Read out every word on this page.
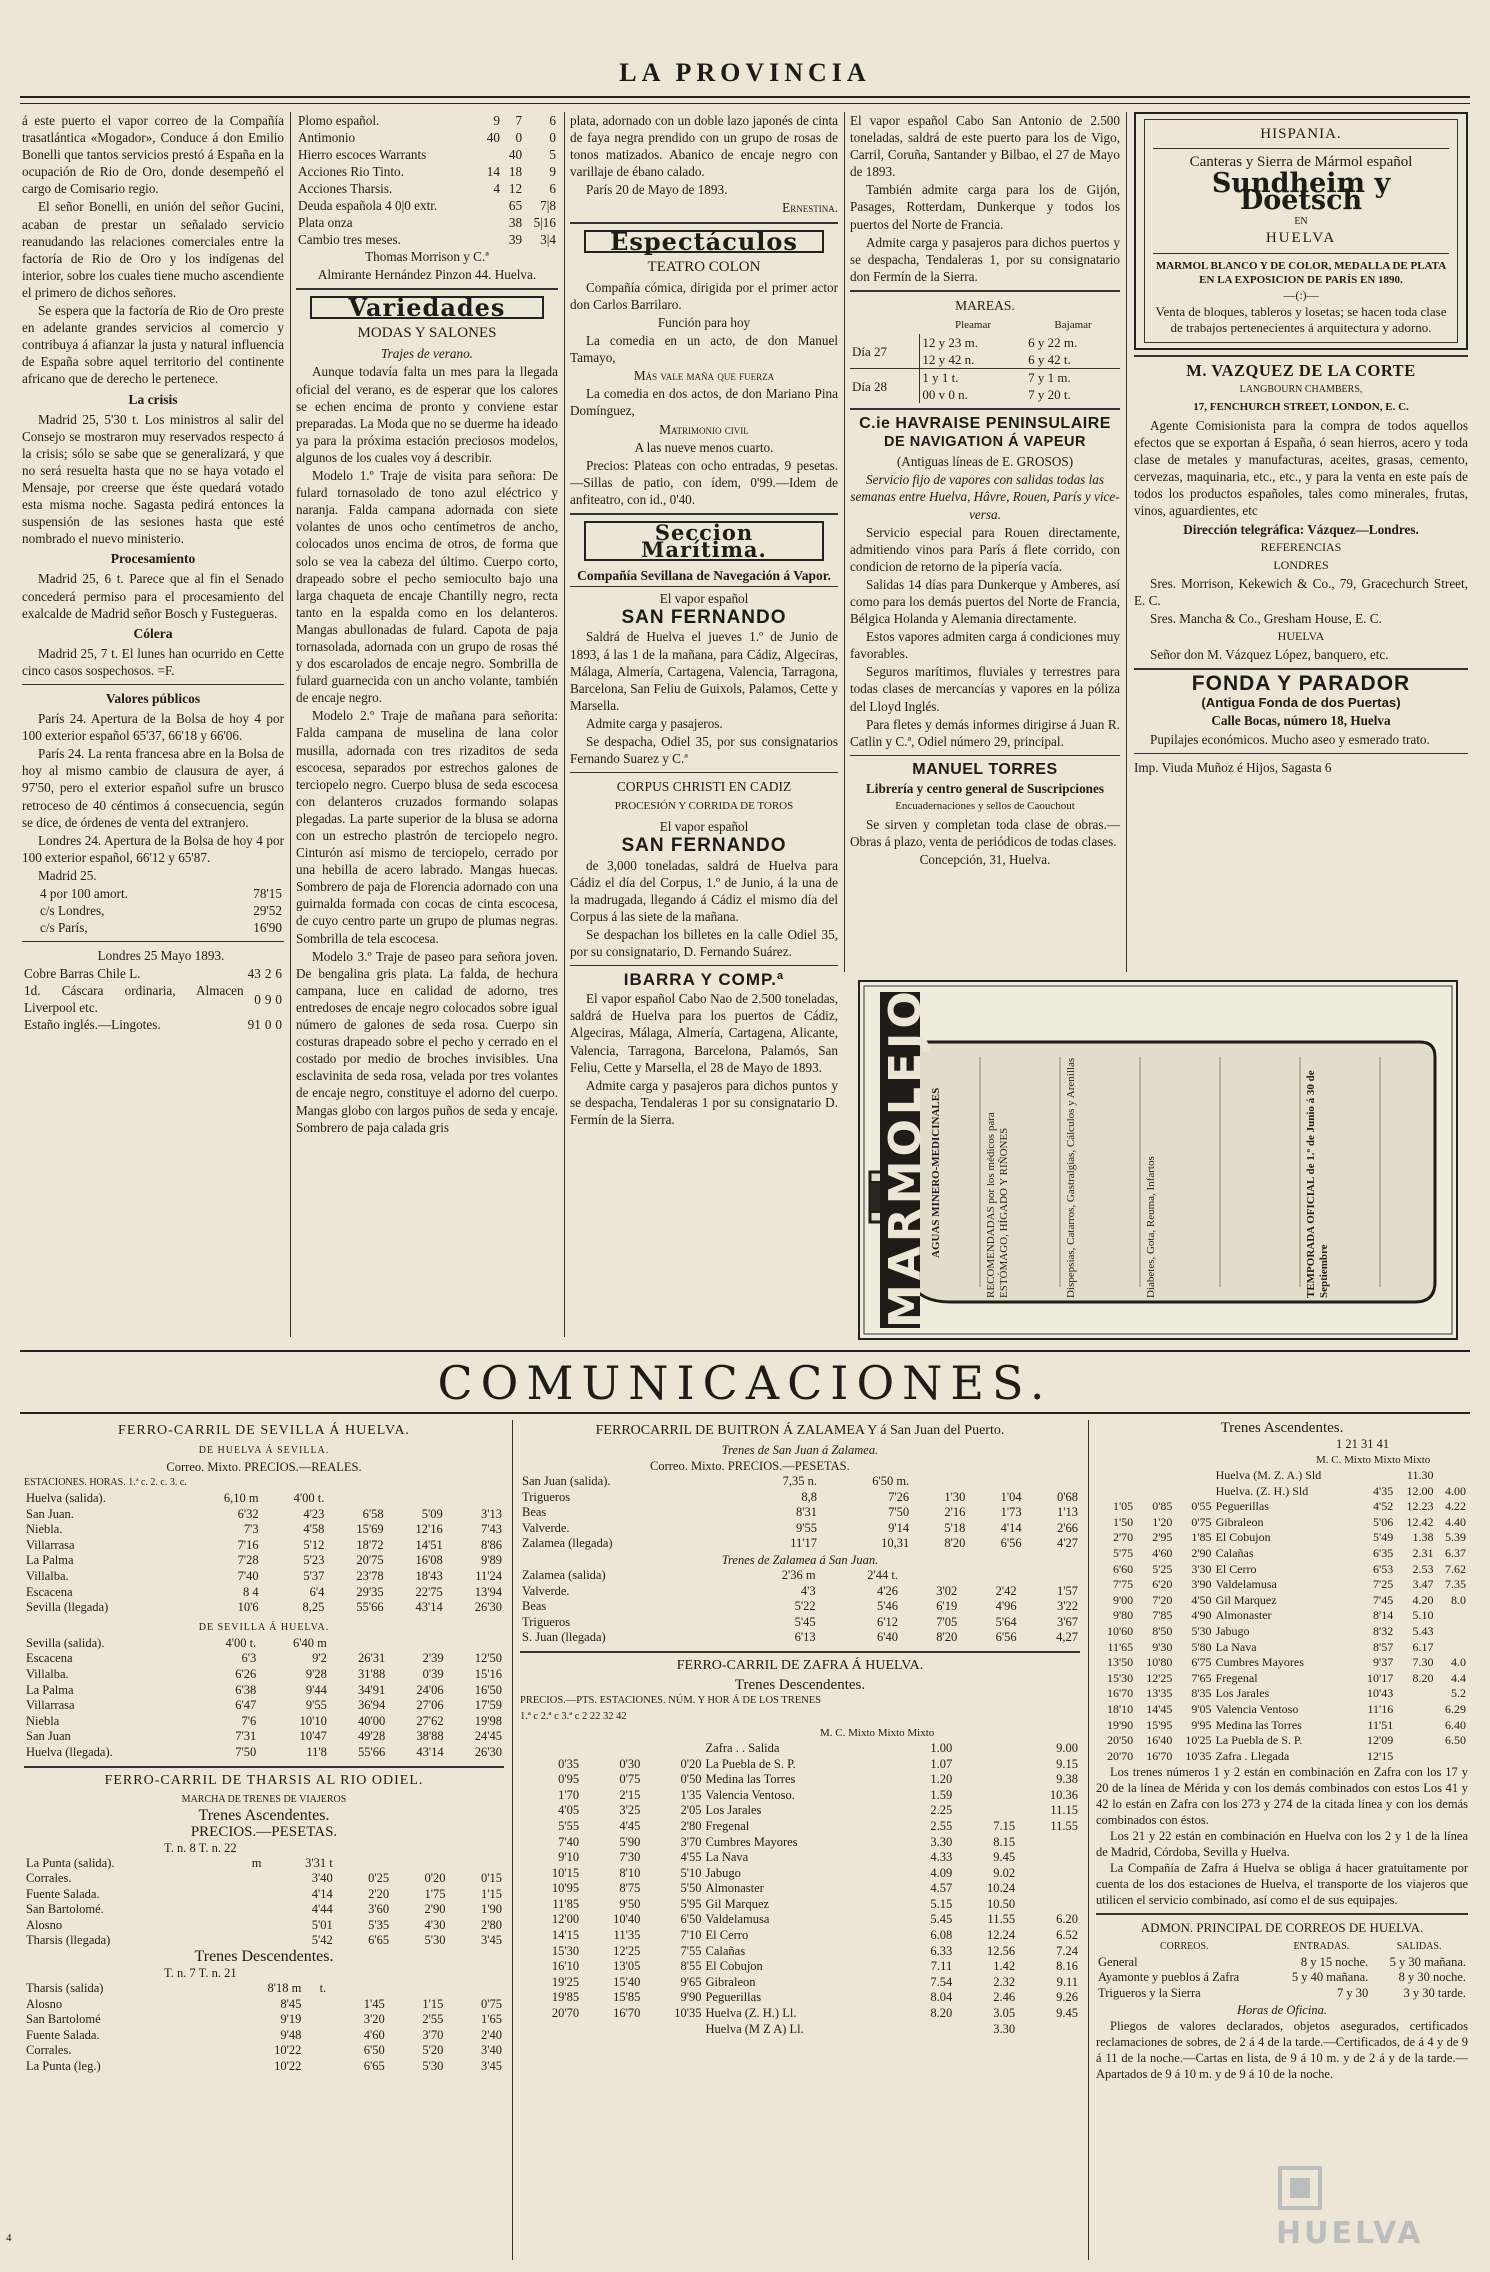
LA PROVINCIA

á este puerto el vapor correo de la Compañía trasatlántica «Mogador», Conduce á don Emilio Bonelli que tantos servicios prestó á España en la ocupación de Rio de Oro, donde desempeñó el cargo de Comisario regio.

El señor Bonelli, en unión del señor Gucini, acaban de prestar un señalado servicio reanudando las relaciones comerciales entre la factoría de Rio de Oro y los indígenas del interior, sobre los cuales tiene mucho ascendiente el primero de dichos señores.

Se espera que la factoría de Rio de Oro preste en adelante grandes servicios al comercio y contribuya á afianzar la justa y natural influencia de España sobre aquel territorio del continente africano que de derecho le pertenece.

La crisis

Madrid 25, 5'30 t. Los ministros al salir del Consejo se mostraron muy reservados respecto á la crisis; sólo se sabe que se generalizará, y que no será resuelta hasta que no se haya votado el Mensaje, por creerse que éste quedará votado esta misma noche. Sagasta pedirá entonces la suspensión de las sesiones hasta que esté nombrado el nuevo ministerio.

Procesamiento

Madrid 25, 6 t. Parece que al fin el Senado concederá permiso para el procesamiento del exalcalde de Madrid señor Bosch y Fustegueras.

Cólera

Madrid 25, 7 t. El lunes han ocurrido en Cette cinco casos sospechosos. =F.

Valores públicos

París 24. Apertura de la Bolsa de hoy 4 por 100 exterior español 65'37, 66'18 y 66'06.

París 24. La renta francesa abre en la Bolsa de hoy al mismo cambio de clausura de ayer, á 97'50, pero el exterior español sufre un brusco retroceso de 40 céntimos á consecuencia, según se dice, de órdenes de venta del extranjero.

Londres 24. Apertura de la Bolsa de hoy 4 por 100 exterior español, 66'12 y 65'87.

Madrid 25.

4 por 100 amort.	78'15
c/s Londres,	29'52
c/s París,	16'90

Londres 25 Mayo 1893.

Cobre Barras Chile L.	43	2	6
1d. Cáscara ordinaria, Almacen Liverpool etc.	0	9	0
Estaño inglés.—Lingotes.	91	0	0
Plomo español.	9	7	6
Antimonio	40	0	0
Hierro escoces Warrants		40	5
Acciones Rio Tinto.	14	18	9
Acciones Tharsis.	4	12	6
Deuda española 4 0|0 extr.		65	7|8
Plata onza		38	5|16
Cambio tres meses.		39	3|4

Thomas Morrison y C.ª

Almirante Hernández Pinzon 44. Huelva.

Variedades
MODAS Y SALONES

Trajes de verano.

Aunque todavía falta un mes para la llegada oficial del verano, es de esperar que los calores se echen encima de pronto y conviene estar preparadas. La Moda que no se duerme ha ideado ya para la próxima estación preciosos modelos, algunos de los cuales voy á describir.

Modelo 1.º Traje de visita para señora: De fulard tornasolado de tono azul eléctrico y naranja. Falda campana adornada con siete volantes de unos ocho centímetros de ancho, colocados unos encima de otros, de forma que solo se vea la cabeza del último. Cuerpo corto, drapeado sobre el pecho semioculto bajo una larga chaqueta de encaje Chantilly negro, recta tanto en la espalda como en los delanteros. Mangas abullonadas de fulard. Capota de paja tornasolada, adornada con un grupo de rosas thé y dos escarolados de encaje negro. Sombrilla de fulard guarnecida con un ancho volante, también de encaje negro.

Modelo 2.º Traje de mañana para señorita: Falda campana de muselina de lana color musilla, adornada con tres rizaditos de seda escocesa, separados por estrechos galones de terciopelo negro. Cuerpo blusa de seda escocesa con delanteros cruzados formando solapas plegadas. La parte superior de la blusa se adorna con un estrecho plastrón de terciopelo negro. Cinturón así mismo de terciopelo, cerrado por una hebilla de acero labrado. Mangas huecas. Sombrero de paja de Florencia adornado con una guirnalda formada con cocas de cinta escocesa, de cuyo centro parte un grupo de plumas negras. Sombrilla de tela escocesa.

Modelo 3.º Traje de paseo para señora joven. De bengalina gris plata. La falda, de hechura campana, luce en calidad de adorno, tres entredoses de encaje negro colocados sobre igual número de galones de seda rosa. Cuerpo sin costuras drapeado sobre el pecho y cerrado en el costado por medio de broches invisibles. Una esclavinita de seda rosa, velada por tres volantes de encaje negro, constituye el adorno del cuerpo. Mangas globo con largos puños de seda y encaje. Sombrero de paja calada gris

plata, adornado con un doble lazo japonés de cinta de faya negra prendido con un grupo de rosas de tonos matizados. Abanico de encaje negro con varillaje de ébano calado.

París 20 de Mayo de 1893.

Ernestina.

Espectáculos
TEATRO COLON

Compañía cómica, dirigida por el primer actor don Carlos Barrilaro.

Función para hoy

La comedia en un acto, de don Manuel Tamayo,

Más vale maña que fuerza

La comedia en dos actos, de don Mariano Pina Domínguez,

Matrimonio civil

A las nueve menos cuarto.

Precios: Plateas con ocho entradas, 9 pesetas.—Sillas de patio, con ídem, 0'99.—Idem de anfiteatro, con id., 0'40.

Seccion Marítima.
Compañía Sevillana de Navegación á Vapor.

El vapor español

SAN FERNANDO

Saldrá de Huelva el jueves 1.º de Junio de 1893, á las 1 de la mañana, para Cádiz, Algeciras, Málaga, Almería, Cartagena, Valencia, Tarragona, Barcelona, San Feliu de Guixols, Palamos, Cette y Marsella.

Admite carga y pasajeros.

Se despacha, Odiel 35, por sus consignatarios Fernando Suarez y C.ª

CORPUS CHRISTI EN CADIZ
PROCESIÓN Y CORRIDA DE TOROS

El vapor español

SAN FERNANDO

de 3,000 toneladas, saldrá de Huelva para Cádiz el día del Corpus, 1.º de Junio, á la una de la madrugada, llegando á Cádiz el mismo día del Corpus á las siete de la mañana.

Se despachan los billetes en la calle Odiel 35, por su consignatario, D. Fernando Suárez.

IBARRA Y COMP.ª

El vapor español Cabo Nao de 2.500 toneladas, saldrá de Huelva para los puertos de Cádiz, Algeciras, Málaga, Almería, Cartagena, Alicante, Valencia, Tarragona, Barcelona, Palamós, San Feliu, Cette y Marsella, el 28 de Mayo de 1893.

Admite carga y pasajeros para dichos puntos y se despacha, Tendaleras 1 por su consignatario D. Fermín de la Sierra.

El vapor español Cabo San Antonio de 2.500 toneladas, saldrá de este puerto para los de Vigo, Carril, Coruña, Santander y Bilbao, el 27 de Mayo de 1893.

También admite carga para los de Gijón, Pasages, Rotterdam, Dunkerque y todos los puertos del Norte de Francia.

Admite carga y pasajeros para dichos puertos y se despacha, Tendaleras 1, por su consignatario don Fermín de la Sierra.

MAREAS.
	Pleamar	Bajamar
Día 27	12 y 23 m.	6 y 22 m.
	12 y 42 n.	6 y 42 t.
Día 28	1 y 1 t.	7 y 1 m.
	00 v 0 n.	7 y 20 t.
C.ie HAVRAISE PENINSULAIRE
DE NAVIGATION Á VAPEUR

(Antiguas líneas de E. GROSOS)

Servicio fijo de vapores con salidas todas las semanas entre Huelva, Hâvre, Rouen, París y vice-versa.

Servicio especial para Rouen directamente, admitiendo vinos para París á flete corrido, con condicion de retorno de la pipería vacía.

Salidas 14 días para Dunkerque y Amberes, así como para los demás puertos del Norte de Francia, Bélgica Holanda y Alemania directamente.

Estos vapores admiten carga á condiciones muy favorables.

Seguros marítimos, fluviales y terrestres para todas clases de mercancías y vapores en la póliza del Lloyd Inglés.

Para fletes y demás informes dirigirse á Juan R. Catlin y C.ª, Odiel número 29, principal.

MANUEL TORRES

Librería y centro general de Suscripciones

Encuadernaciones y sellos de Caouchout

Se sirven y completan toda clase de obras.—Obras á plazo, venta de periódicos de todas clases.

Concepción, 31, Huelva.

HISPANIA.
Canteras y Sierra de Mármol español
Sundheim y Doetsch
EN
HUELVA
MARMOL BLANCO Y DE COLOR, MEDALLA DE PLATA EN LA EXPOSICION DE PARÍS EN 1890.
—(:)—
Venta de bloques, tableros y losetas; se hacen toda clase de trabajos pertenecientes á arquitectura y adorno.
M. VAZQUEZ DE LA CORTE

LANGBOURN CHAMBERS,

17, FENCHURCH STREET, LONDON, E. C.

Agente Comisionista para la compra de todos aquellos efectos que se exportan á España, ó sean hierros, acero y toda clase de metales y manufacturas, aceites, grasas, cemento, cervezas, maquinaria, etc., etc., y para la venta en este país de todos los productos españoles, tales como minerales, frutas, vinos, aguardientes, etc

Dirección telegráfica: Vázquez—Londres.

REFERENCIAS

LONDRES

Sres. Morrison, Kekewich & Co., 79, Gracechurch Street, E. C.

Sres. Mancha & Co., Gresham House, E. C.

HUELVA

Señor don M. Vázquez López, banquero, etc.

FONDA Y PARADOR

(Antigua Fonda de dos Puertas)

Calle Bocas, número 18, Huelva

Pupilajes económicos. Mucho aseo y esmerado trato.

Imp. Viuda Muñoz é Hijos, Sagasta 6

MARMOLEJO AGUAS MINERO-MEDICINALES	RECOMENDADAS por los médicos para ESTÓMAGO, HÍGADO Y RIÑONES	Dispepsias, Catarros, Gastralgias, Cálculos y Arenillas	Diabetes, Gota, Reuma, Infartos	TEMPORADA OFICIAL de 1.º de Junio á 30 de Septiembre
COMUNICACIONES.
FERRO-CARRIL DE SEVILLA Á HUELVA.
DE HUELVA Á SEVILLA.
Correo. Mixto. PRECIOS.—REALES.
ESTACIONES. HORAS. 1.ª c. 2. c. 3. c.
Huelva (salida).	6,10 m	4'00 t.			
San Juan.	6'32	4'23	6'58	5'09	3'13
Niebla.	7'3	4'58	15'69	12'16	7'43
Villarrasa	7'16	5'12	18'72	14'51	8'86
La Palma	7'28	5'23	20'75	16'08	9'89
Villalba.	7'40	5'37	23'78	18'43	11'24
Escacena	8 4	6'4	29'35	22'75	13'94
Sevilla (llegada)	10'6	8,25	55'66	43'14	26'30
DE SEVILLA Á HUELVA.
Sevilla (salida).	4'00 t.	6'40 m			
Escacena	6'3	9'2	26'31	2'39	12'50
Villalba.	6'26	9'28	31'88	0'39	15'16
La Palma	6'38	9'44	34'91	24'06	16'50
Villarrasa	6'47	9'55	36'94	27'06	17'59
Niebla	7'6	10'10	40'00	27'62	19'98
San Juan	7'31	10'47	49'28	38'88	24'45
Huelva (llegada).	7'50	11'8	55'66	43'14	26'30
FERRO-CARRIL DE THARSIS AL RIO ODIEL.
MARCHA DE TRENES DE VIAJEROS
Trenes Ascendentes.
PRECIOS.—PESETAS.
T. n. 8 T. n. 22
La Punta (salida).	m	3'31 t			
Corrales.		3'40	0'25	0'20	0'15
Fuente Salada.		4'14	2'20	1'75	1'15
San Bartolomé.		4'44	3'60	2'90	1'90
Alosno		5'01	5'35	4'30	2'80
Tharsis (llegada)		5'42	6'65	5'30	3'45
Trenes Descendentes.
T. n. 7 T. n. 21
Tharsis (salida)	8'18 m	t.			
Alosno	8'45		1'45	1'15	0'75
San Bartolomé	9'19		3'20	2'55	1'65
Fuente Salada.	9'48		4'60	3'70	2'40
Corrales.	10'22		6'50	5'20	3'40
La Punta (leg.)	10'22		6'65	5'30	3'45
FERROCARRIL DE BUITRON Á ZALAMEA Y á San Juan del Puerto.
Trenes de San Juan á Zalamea.
Correo. Mixto. PRECIOS.—PESETAS.
San Juan (salida).	7,35 n.	6'50 m.			
Trigueros	8,8	7'26	1'30	1'04	0'68
Beas	8'31	7'50	2'16	1'73	1'13
Valverde.	9'55	9'14	5'18	4'14	2'66
Zalamea (llegada)	11'17	10,31	8'20	6'56	4'27
Trenes de Zalamea á San Juan.
Zalamea (salida)	2'36 m	2'44 t.			
Valverde.	4'3	4'26	3'02	2'42	1'57
Beas	5'22	5'46	6'19	4'96	3'22
Trigueros	5'45	6'12	7'05	5'64	3'67
S. Juan (llegada)	6'13	6'40	8'20	6'56	4,27
FERRO-CARRIL DE ZAFRA Á HUELVA.
Trenes Descendentes.
PRECIOS.—PTS. ESTACIONES. NÚM. Y HOR Á DE LOS TRENES
1.ª c 2.ª c 3.ª c 2 22 32 42
M. C. Mixto Mixto Mixto
			Zafra . . Salida	1.00		9.00
0'35	0'30	0'20	La Puebla de S. P.	1.07		9.15
0'95	0'75	0'50	Medina las Torres	1.20		9.38
1'70	2'15	1'35	Valencia Ventoso.	1.59		10.36
4'05	3'25	2'05	Los Jarales	2.25		11.15
5'55	4'45	2'80	Fregenal	2.55	7.15	11.55
7'40	5'90	3'70	Cumbres Mayores	3.30	8.15	
9'10	7'30	4'55	La Nava	4.33	9.45	
10'15	8'10	5'10	Jabugo	4.09	9.02	
10'95	8'75	5'50	Almonaster	4.57	10.24	
11'85	9'50	5'95	Gil Marquez	5.15	10.50	
12'00	10'40	6'50	Valdelamusa	5.45	11.55	6.20
14'15	11'35	7'10	El Cerro	6.08	12.24	6.52
15'30	12'25	7'55	Calañas	6.33	12.56	7.24
16'10	13'05	8'55	El Cobujon	7.11	1.42	8.16
19'25	15'40	9'65	Gibraleon	7.54	2.32	9.11
19'85	15'85	9'90	Peguerillas	8.04	2.46	9.26
20'70	16'70	10'35	Huelva (Z. H.) Ll.	8.20	3.05	9.45
			Huelva (M Z A) Ll.		3.30	
Trenes Ascendentes.
1 21 31 41
M. C. Mixto Mixto Mixto
			Huelva (M. Z. A.) Sld		11.30	
			Huelva. (Z. H.) Sld	4'35	12.00	4.00
1'05	0'85	0'55	Peguerillas	4'52	12.23	4.22
1'50	1'20	0'75	Gibraleon	5'06	12.42	4.40
2'70	2'95	1'85	El Cobujon	5'49	1.38	5.39
5'75	4'60	2'90	Calañas	6'35	2.31	6.37
6'60	5'25	3'30	El Cerro	6'53	2.53	7.62
7'75	6'20	3'90	Valdelamusa	7'25	3.47	7.35
9'00	7'20	4'50	Gil Marquez	7'45	4.20	8.0
9'80	7'85	4'90	Almonaster	8'14	5.10	
10'60	8'50	5'30	Jabugo	8'32	5.43	
11'65	9'30	5'80	La Nava	8'57	6.17	
13'50	10'80	6'75	Cumbres Mayores	9'37	7.30	4.0
15'30	12'25	7'65	Fregenal	10'17	8.20	4.4
16'70	13'35	8'35	Los Jarales	10'43		5.2
18'10	14'45	9'05	Valencia Ventoso	11'16		6.29
19'90	15'95	9'95	Medina las Torres	11'51		6.40
20'50	16'40	10'25	La Puebla de S. P.	12'09		6.50
20'70	16'70	10'35	Zafra . Llegada	12'15		

Los trenes números 1 y 2 están en combinación en Zafra con los 17 y 20 de la línea de Mérida y con los demás combinados con estos Los 41 y 42 lo están en Zafra con los 273 y 274 de la citada línea y con los demás combinados con éstos.

Los 21 y 22 están en combinación en Huelva con los 2 y 1 de la línea de Madrid, Córdoba, Sevilla y Huelva.

La Compañía de Zafra á Huelva se obliga á hacer gratuitamente por cuenta de los dos estaciones de Huelva, el transporte de los viajeros que utilicen el servicio combinado, así como el de sus equipajes.

ADMON. PRINCIPAL DE CORREOS DE HUELVA.
CORREOS.	ENTRADAS.	SALIDAS.
General	8 y 15 noche.	5 y 30 mañana.
Ayamonte y pueblos á Zafra	5 y 40 mañana.	8 y 30 noche.
Trigueros y la Sierra	7 y 30	3 y 30 tarde.

Horas de Oficina.

Pliegos de valores declarados, objetos asegurados, certificados reclamaciones de sobres, de 2 á 4 de la tarde.—Certificados, de á 4 y de 9 á 11 de la noche.—Cartas en lista, de 9 á 10 m. y de 2 á y de la tarde.—Apartados de 9 á 10 m. y de 9 á 10 de la noche.

4	HUELVA
